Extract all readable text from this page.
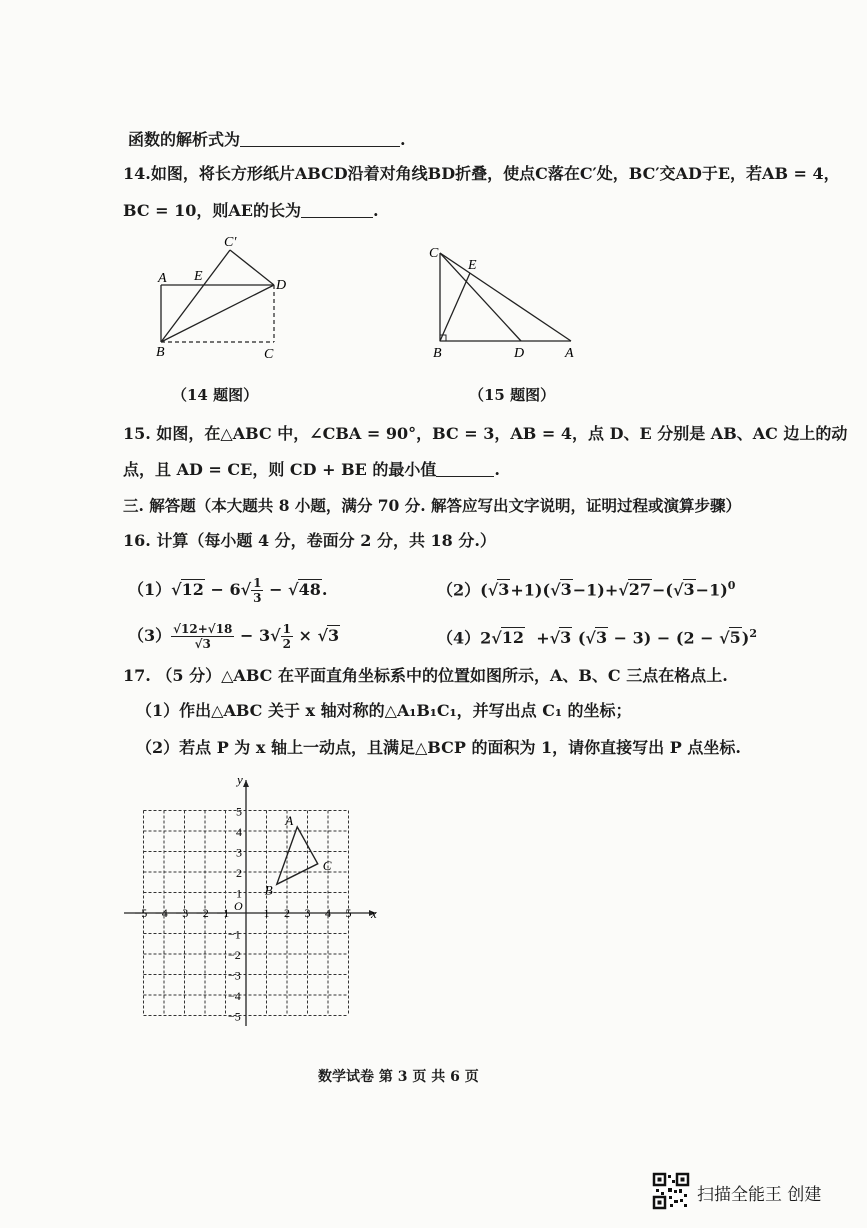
函数的解析式为	.
14.如图，将长方形纸片ABCD沿着对角线BD折叠，使点C落在C′处，BC′交AD于E，若AB = 4，
BC = 10，则AE的长为	.
C′
A E
D
B	C
（14 题图）
C
E
B	D	A
（15 题图）
15. 如图，在△ABC 中，∠CBA = 90°，BC = 3，AB = 4，点 D、E 分别是 AB、AC 边上的动
点，且 AD = CE，则 CD + BE 的最小值	.
三. 解答题（本大题共 8 小题，满分 70 分. 解答应写出文字说明，证明过程或演算步骤）
16. 计算（每小题 4 分，卷面分 2 分，共 18 分.）
$(1)√12 - 6√ \frac{1}{3} - √48$.	$(2)(√3+1)(√3-1)+√27-(√3-1)^0$
$(3) \frac{√12+√18}{√3} - 3√ \frac{1}{2} \times √3$	（4）2√12 +√3 $(√3 - 3) - (2 - √5)^2$
17. （5 分）△ABC 在平面直角坐标系中的位置如图所示，A、B、C 三点在格点上.
（1）作出△ABC 关于 x 轴对称的△A₁B₁C₁，并写出点 C₁ 的坐标；
（2）若点 P 为 x 轴上一动点，且满足△BCP 的面积为 1，请你直接写出 P 点坐标.
x
y
O
−5 −4 −3 −2 −1	1 2 3 4 5
5
4
3
2
1
−1
−2
−3
−4
−5
A
B
C
数学试卷 第 3 页 共 6 页
扫描全能王 创建
